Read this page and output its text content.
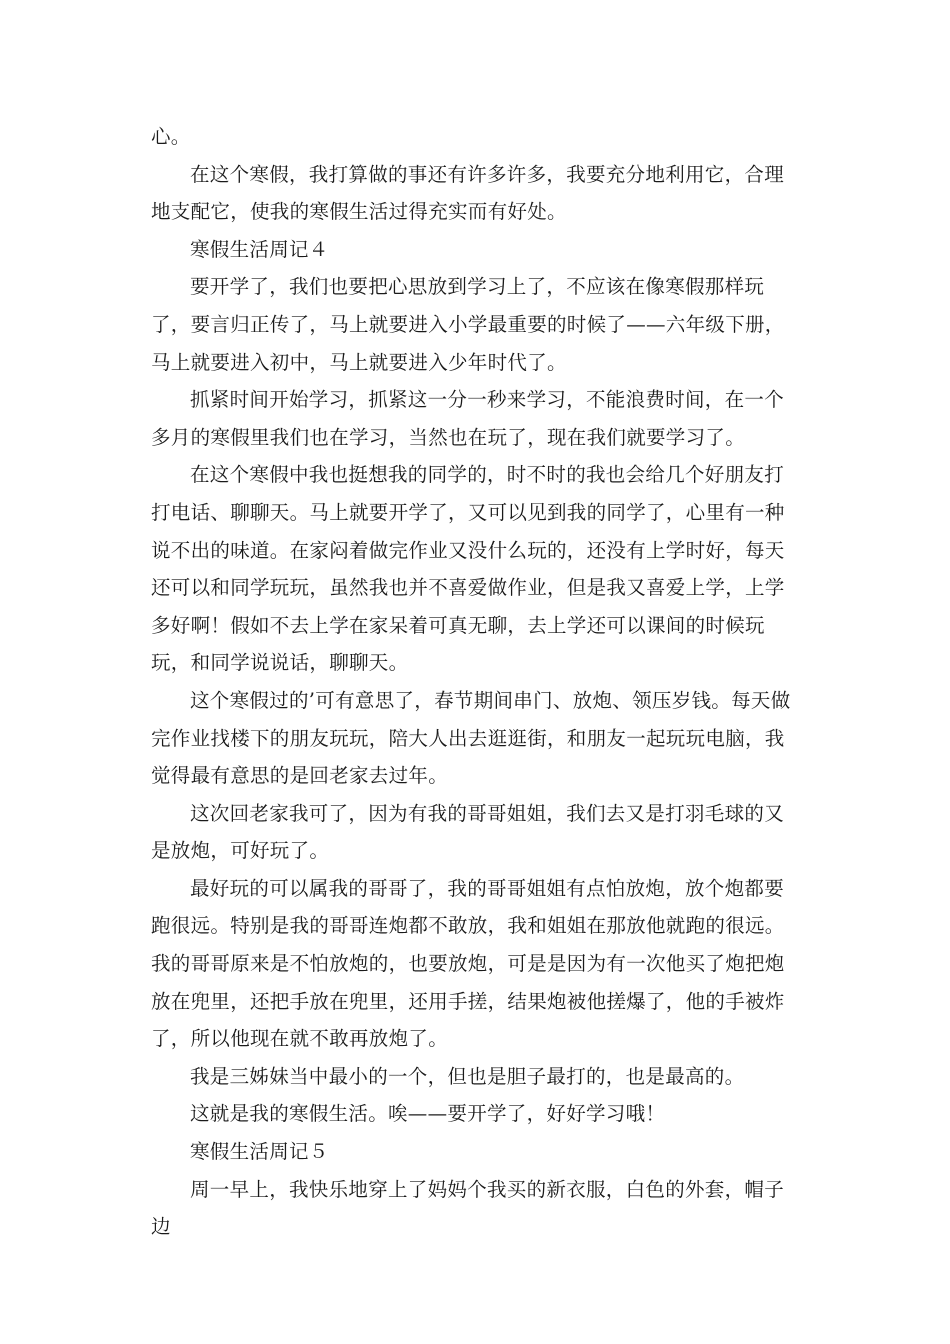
心。

在这个寒假，我打算做的事还有许多许多，我要充分地利用它，合理地支配它，使我的寒假生活过得充实而有好处。

寒假生活周记４

要开学了，我们也要把心思放到学习上了，不应该在像寒假那样玩了，要言归正传了，马上就要进入小学最重要的时候了——六年级下册，马上就要进入初中，马上就要进入少年时代了。

抓紧时间开始学习，抓紧这一分一秒来学习，不能浪费时间，在一个多月的寒假里我们也在学习，当然也在玩了，现在我们就要学习了。

在这个寒假中我也挺想我的同学的，时不时的我也会给几个好朋友打打电话、聊聊天。马上就要开学了，又可以见到我的同学了，心里有一种说不出的味道。在家闷着做完作业又没什么玩的，还没有上学时好，每天还可以和同学玩玩，虽然我也并不喜爱做作业，但是我又喜爱上学，上学多好啊！假如不去上学在家呆着可真无聊，去上学还可以课间的时候玩玩，和同学说说话，聊聊天。

这个寒假过的’可有意思了，春节期间串门、放炮、领压岁钱。每天做完作业找楼下的朋友玩玩，陪大人出去逛逛街，和朋友一起玩玩电脑，我觉得最有意思的是回老家去过年。

这次回老家我可了，因为有我的哥哥姐姐，我们去又是打羽毛球的又是放炮，可好玩了。

最好玩的可以属我的哥哥了，我的哥哥姐姐有点怕放炮，放个炮都要跑很远。特别是我的哥哥连炮都不敢放，我和姐姐在那放他就跑的很远。我的哥哥原来是不怕放炮的，也要放炮，可是是因为有一次他买了炮把炮放在兜里，还把手放在兜里，还用手搓，结果炮被他搓爆了，他的手被炸了，所以他现在就不敢再放炮了。

我是三姊妹当中最小的一个，但也是胆子最打的，也是最高的。

这就是我的寒假生活。唉——要开学了，好好学习哦！

寒假生活周记５

周一早上，我快乐地穿上了妈妈个我买的新衣服，白色的外套，帽子边
